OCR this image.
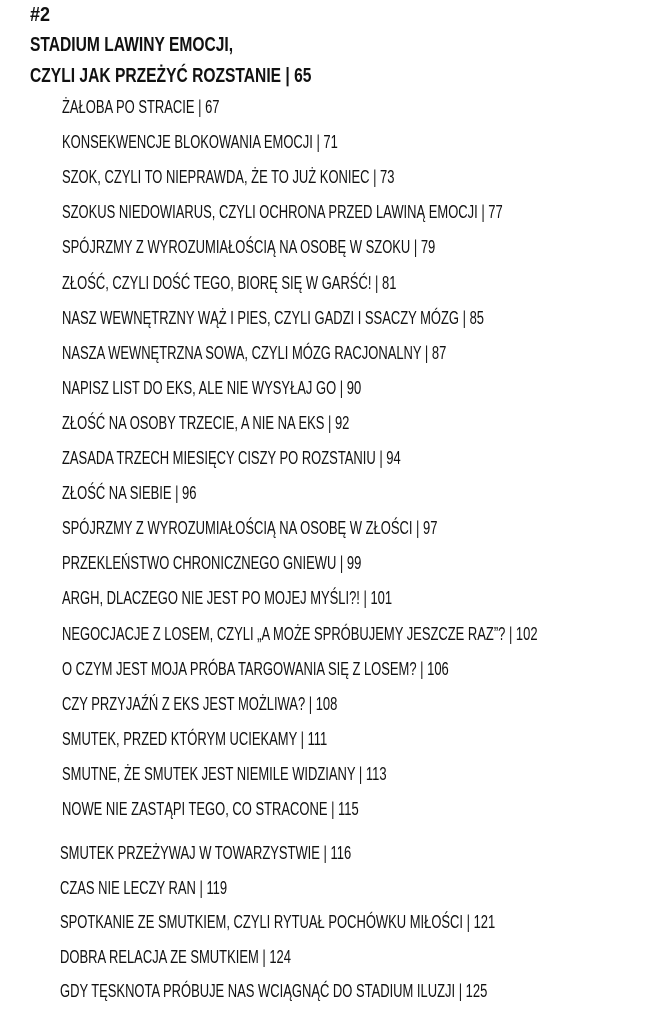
#2
STADIUM LAWINY EMOCJI,
CZYLI JAK PRZEŻYĆ ROZSTANIE | 65
ŻAŁOBA PO STRACIE | 67
KONSEKWENCJE BLOKOWANIA EMOCJI | 71
SZOK, CZYLI TO NIEPRAWDA, ŻE TO JUŻ KONIEC | 73
SZOKUS NIEDOWIARUS, CZYLI OCHRONA PRZED LAWINĄ EMOCJI | 77
SPÓJRZMY Z WYROZUMIAŁOŚCIĄ NA OSOBĘ W SZOKU | 79
ZŁOŚĆ, CZYLI DOŚĆ TEGO, BIORĘ SIĘ W GARŚĆ! | 81
NASZ WEWNĘTRZNY WĄŻ I PIES, CZYLI GADZI I SSACZY MÓZG | 85
NASZA WEWNĘTRZNA SOWA, CZYLI MÓZG RACJONALNY | 87
NAPISZ LIST DO EKS, ALE NIE WYSYŁAJ GO | 90
ZŁOŚĆ NA OSOBY TRZECIE, A NIE NA EKS | 92
ZASADA TRZECH MIESIĘCY CISZY PO ROZSTANIU | 94
ZŁOŚĆ NA SIEBIE | 96
SPÓJRZMY Z WYROZUMIAŁOŚCIĄ NA OSOBĘ W ZŁOŚCI | 97
PRZEKLEŃSTWO CHRONICZNEGO GNIEWU | 99
ARGH, DLACZEGO NIE JEST PO MOJEJ MYŚLI?! | 101
NEGOCJACJE Z LOSEM, CZYLI „A MOŻE SPRÓBUJEMY JESZCZE RAZ”? | 102
O CZYM JEST MOJA PRÓBA TARGOWANIA SIĘ Z LOSEM? | 106
CZY PRZYJAŹŃ Z EKS JEST MOŻLIWA? | 108
SMUTEK, PRZED KTÓRYM UCIEKAMY | 111
SMUTNE, ŻE SMUTEK JEST NIEMILE WIDZIANY | 113
NOWE NIE ZASTĄPI TEGO, CO STRACONE | 115
SMUTEK PRZEŻYWAJ W TOWARZYSTWIE | 116
CZAS NIE LECZY RAN | 119
SPOTKANIE ZE SMUTKIEM, CZYLI RYTUAŁ POCHÓWKU MIŁOŚCI | 121
DOBRA RELACJA ZE SMUTKIEM | 124
GDY TĘSKNOTA PRÓBUJE NAS WCIĄGNĄĆ DO STADIUM ILUZJI | 125
